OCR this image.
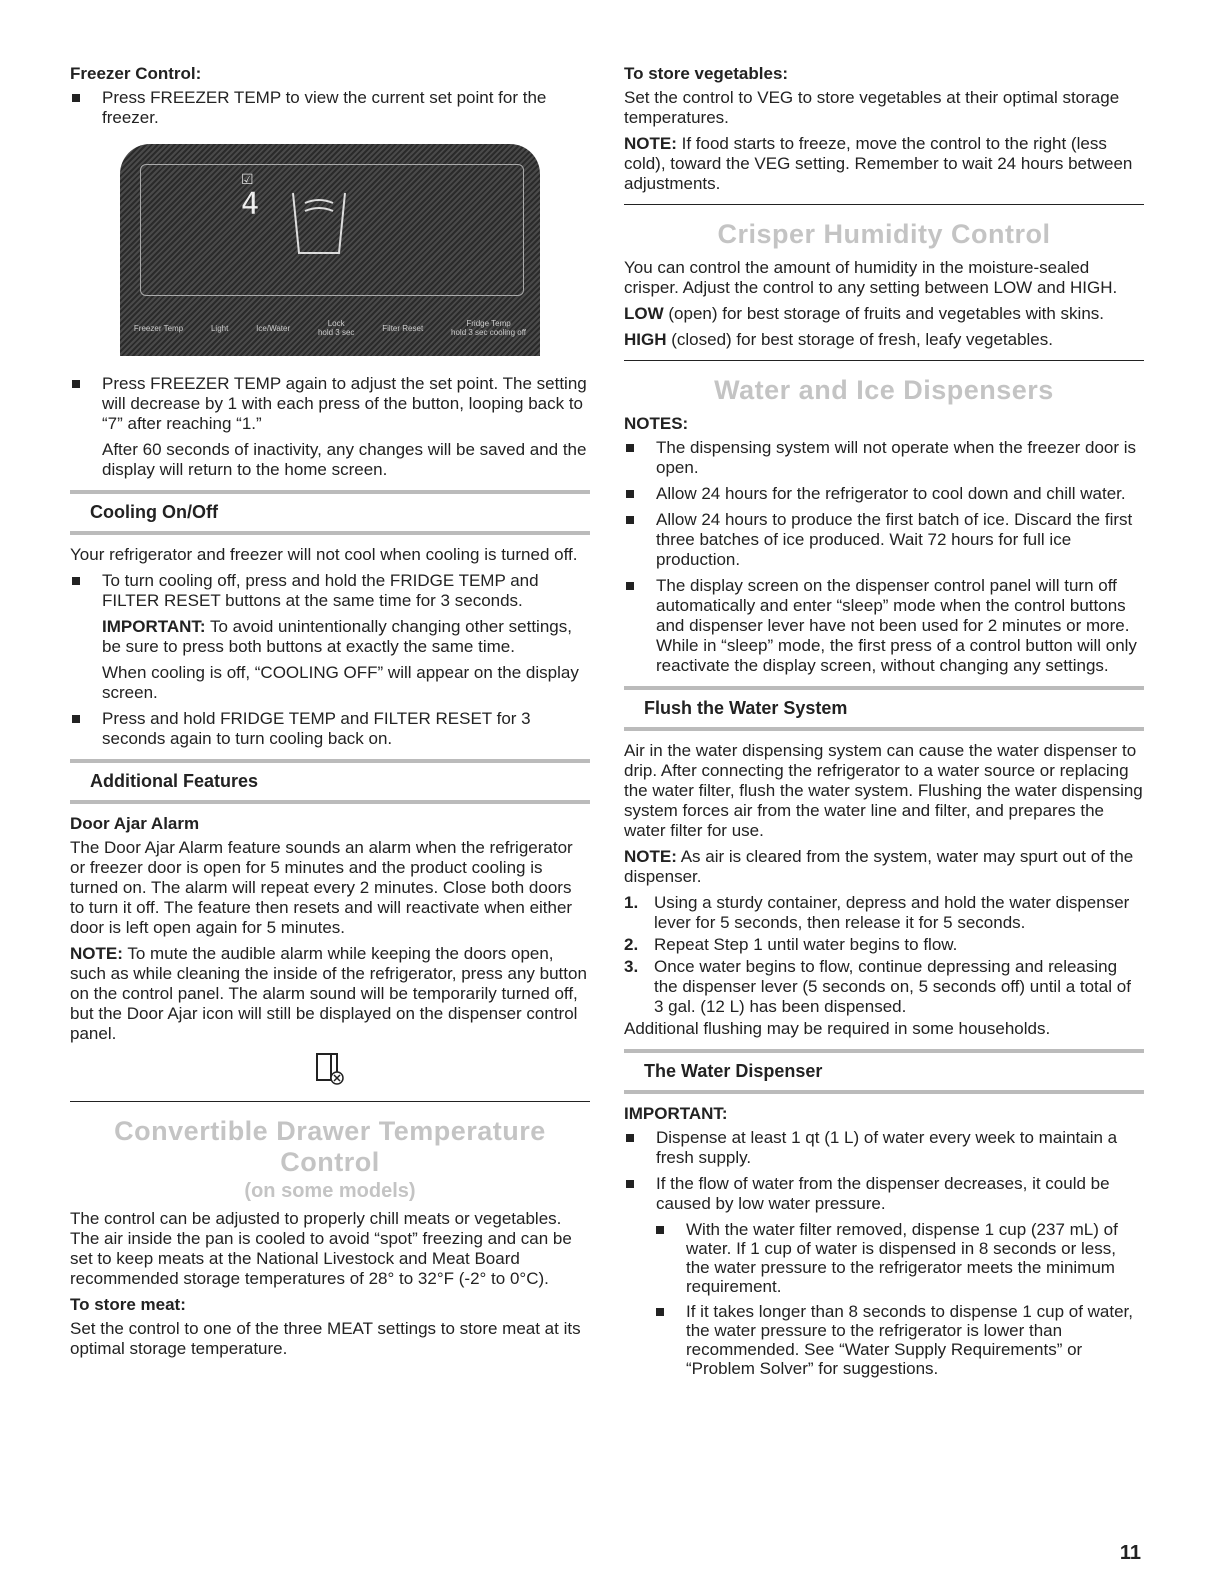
Freezer Control:
Press FREEZER TEMP to view the current set point for the freezer.
☑
4
Freezer Temp	Light	Ice/Water	Lock
hold 3 sec	Filter Reset	Fridge Temp
hold 3 sec cooling off
Press FREEZER TEMP again to adjust the set point. The setting will decrease by 1 with each press of the button, looping back to “7” after reaching “1.”
After 60 seconds of inactivity, any changes will be saved and the display will return to the home screen.
Cooling On/Off

Your refrigerator and freezer will not cool when cooling is turned off.

To turn cooling off, press and hold the FRIDGE TEMP and FILTER RESET buttons at the same time for 3 seconds.
IMPORTANT: To avoid unintentionally changing other settings, be sure to press both buttons at exactly the same time.
When cooling is off, “COOLING OFF” will appear on the display screen.
Press and hold FRIDGE TEMP and FILTER RESET for 3 seconds again to turn cooling back on.
Additional Features
Door Ajar Alarm

The Door Ajar Alarm feature sounds an alarm when the refrigerator or freezer door is open for 5 minutes and the product cooling is turned on. The alarm will repeat every 2 minutes. Close both doors to turn it off. The feature then resets and will reactivate when either door is left open again for 5 minutes.

NOTE: To mute the audible alarm while keeping the doors open, such as while cleaning the inside of the refrigerator, press any button on the control panel. The alarm sound will be temporarily turned off, but the Door Ajar icon will still be displayed on the dispenser control panel.

Convertible Drawer Temperature Control
(on some models)

The control can be adjusted to properly chill meats or vegetables. The air inside the pan is cooled to avoid “spot” freezing and can be set to keep meats at the National Livestock and Meat Board recommended storage temperatures of 28° to 32°F (-2° to 0°C).

To store meat:

Set the control to one of the three MEAT settings to store meat at its optimal storage temperature.

To store vegetables:

Set the control to VEG to store vegetables at their optimal storage temperatures.

NOTE: If food starts to freeze, move the control to the right (less cold), toward the VEG setting. Remember to wait 24 hours between adjustments.

Crisper Humidity Control

You can control the amount of humidity in the moisture-sealed crisper. Adjust the control to any setting between LOW and HIGH.

LOW (open) for best storage of fruits and vegetables with skins.

HIGH (closed) for best storage of fresh, leafy vegetables.

Water and Ice Dispensers
NOTES:
The dispensing system will not operate when the freezer door is open.
Allow 24 hours for the refrigerator to cool down and chill water.
Allow 24 hours to produce the first batch of ice. Discard the first three batches of ice produced. Wait 72 hours for full ice production.
The display screen on the dispenser control panel will turn off automatically and enter “sleep” mode when the control buttons and dispenser lever have not been used for 2 minutes or more. While in “sleep” mode, the first press of a control button will only reactivate the display screen, without changing any settings.
Flush the Water System

Air in the water dispensing system can cause the water dispenser to drip. After connecting the refrigerator to a water source or replacing the water filter, flush the water system. Flushing the water dispensing system forces air from the water line and filter, and prepares the water filter for use.

NOTE: As air is cleared from the system, water may spurt out of the dispenser.

1. Using a sturdy container, depress and hold the water dispenser lever for 5 seconds, then release it for 5 seconds.
2. Repeat Step 1 until water begins to flow.
3. Once water begins to flow, continue depressing and releasing the dispenser lever (5 seconds on, 5 seconds off) until a total of 3 gal. (12 L) has been dispensed.

Additional flushing may be required in some households.

The Water Dispenser
IMPORTANT:
Dispense at least 1 qt (1 L) of water every week to maintain a fresh supply.
If the flow of water from the dispenser decreases, it could be caused by low water pressure.
With the water filter removed, dispense 1 cup (237 mL) of water. If 1 cup of water is dispensed in 8 seconds or less, the water pressure to the refrigerator meets the minimum requirement.
If it takes longer than 8 seconds to dispense 1 cup of water, the water pressure to the refrigerator is lower than recommended. See “Water Supply Requirements” or “Problem Solver” for suggestions.
11
